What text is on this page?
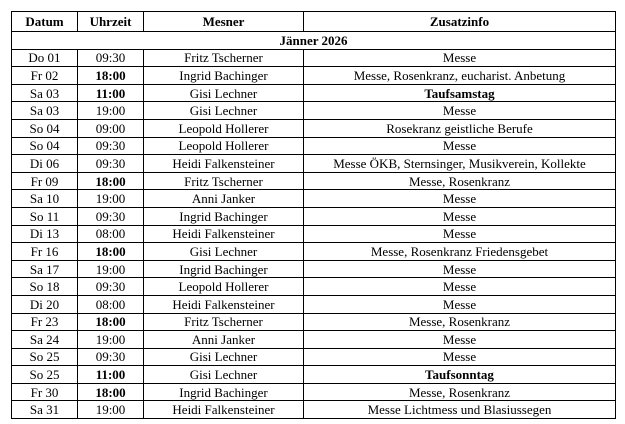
Datum	Uhrzeit	Mesner	Zusatzinfo
Jänner 2026			
Do 01	09:30	Fritz Tscherner	Messe
Fr 02	18:00	Ingrid Bachinger	Messe, Rosenkranz, eucharist. Anbetung
Sa 03	11:00	Gisi Lechner	Taufsamstag
Sa 03	19:00	Gisi Lechner	Messe
So 04	09:00	Leopold Hollerer	Rosekranz geistliche Berufe
So 04	09:30	Leopold Hollerer	Messe
Di 06	09:30	Heidi Falkensteiner	Messe ÖKB, Sternsinger, Musikverein, Kollekte
Fr 09	18:00	Fritz Tscherner	Messe, Rosenkranz
Sa 10	19:00	Anni Janker	Messe
So 11	09:30	Ingrid Bachinger	Messe
Di 13	08:00	Heidi Falkensteiner	Messe
Fr 16	18:00	Gisi Lechner	Messe, Rosenkranz Friedensgebet
Sa 17	19:00	Ingrid Bachinger	Messe
So 18	09:30	Leopold Hollerer	Messe
Di 20	08:00	Heidi Falkensteiner	Messe
Fr 23	18:00	Fritz Tscherner	Messe, Rosenkranz
Sa 24	19:00	Anni Janker	Messe
So 25	09:30	Gisi Lechner	Messe
So 25	11:00	Gisi Lechner	Taufsonntag
Fr 30	18:00	Ingrid Bachinger	Messe, Rosenkranz
Sa 31	19:00	Heidi Falkensteiner	Messe Lichtmess und Blasiussegen
